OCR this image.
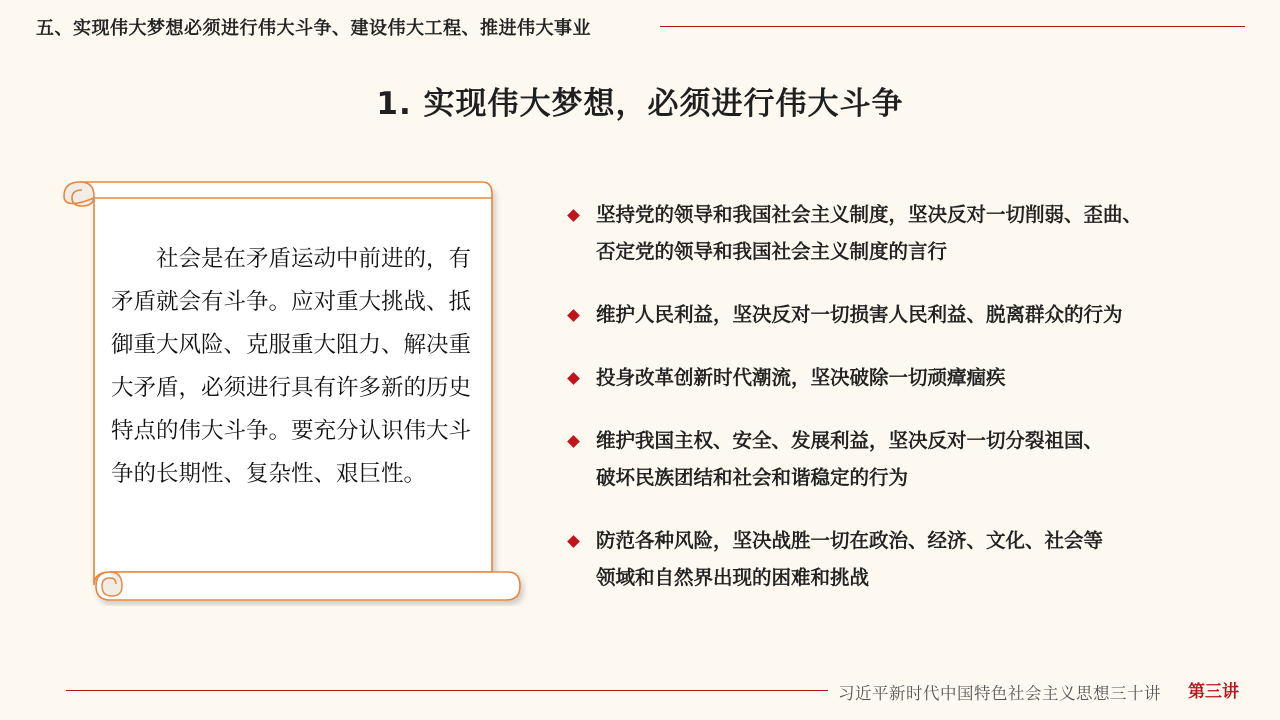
五、实现伟大梦想必须进行伟大斗争、建设伟大工程、推进伟大事业
1. 实现伟大梦想，必须进行伟大斗争
社会是在矛盾运动中前进的，有矛盾就会有斗争。应对重大挑战、抵御重大风险、克服重大阻力、解决重大矛盾，必须进行具有许多新的历史特点的伟大斗争。要充分认识伟大斗争的长期性、复杂性、艰巨性。
坚持党的领导和我国社会主义制度，坚决反对一切削弱、歪曲、否定党的领导和我国社会主义制度的言行
维护人民利益，坚决反对一切损害人民利益、脱离群众的行为
投身改革创新时代潮流，坚决破除一切顽瘴痼疾
维护我国主权、安全、发展利益，坚决反对一切分裂祖国、破坏民族团结和社会和谐稳定的行为
防范各种风险，坚决战胜一切在政治、经济、文化、社会等领域和自然界出现的困难和挑战
习近平新时代中国特色社会主义思想三十讲 第三讲
